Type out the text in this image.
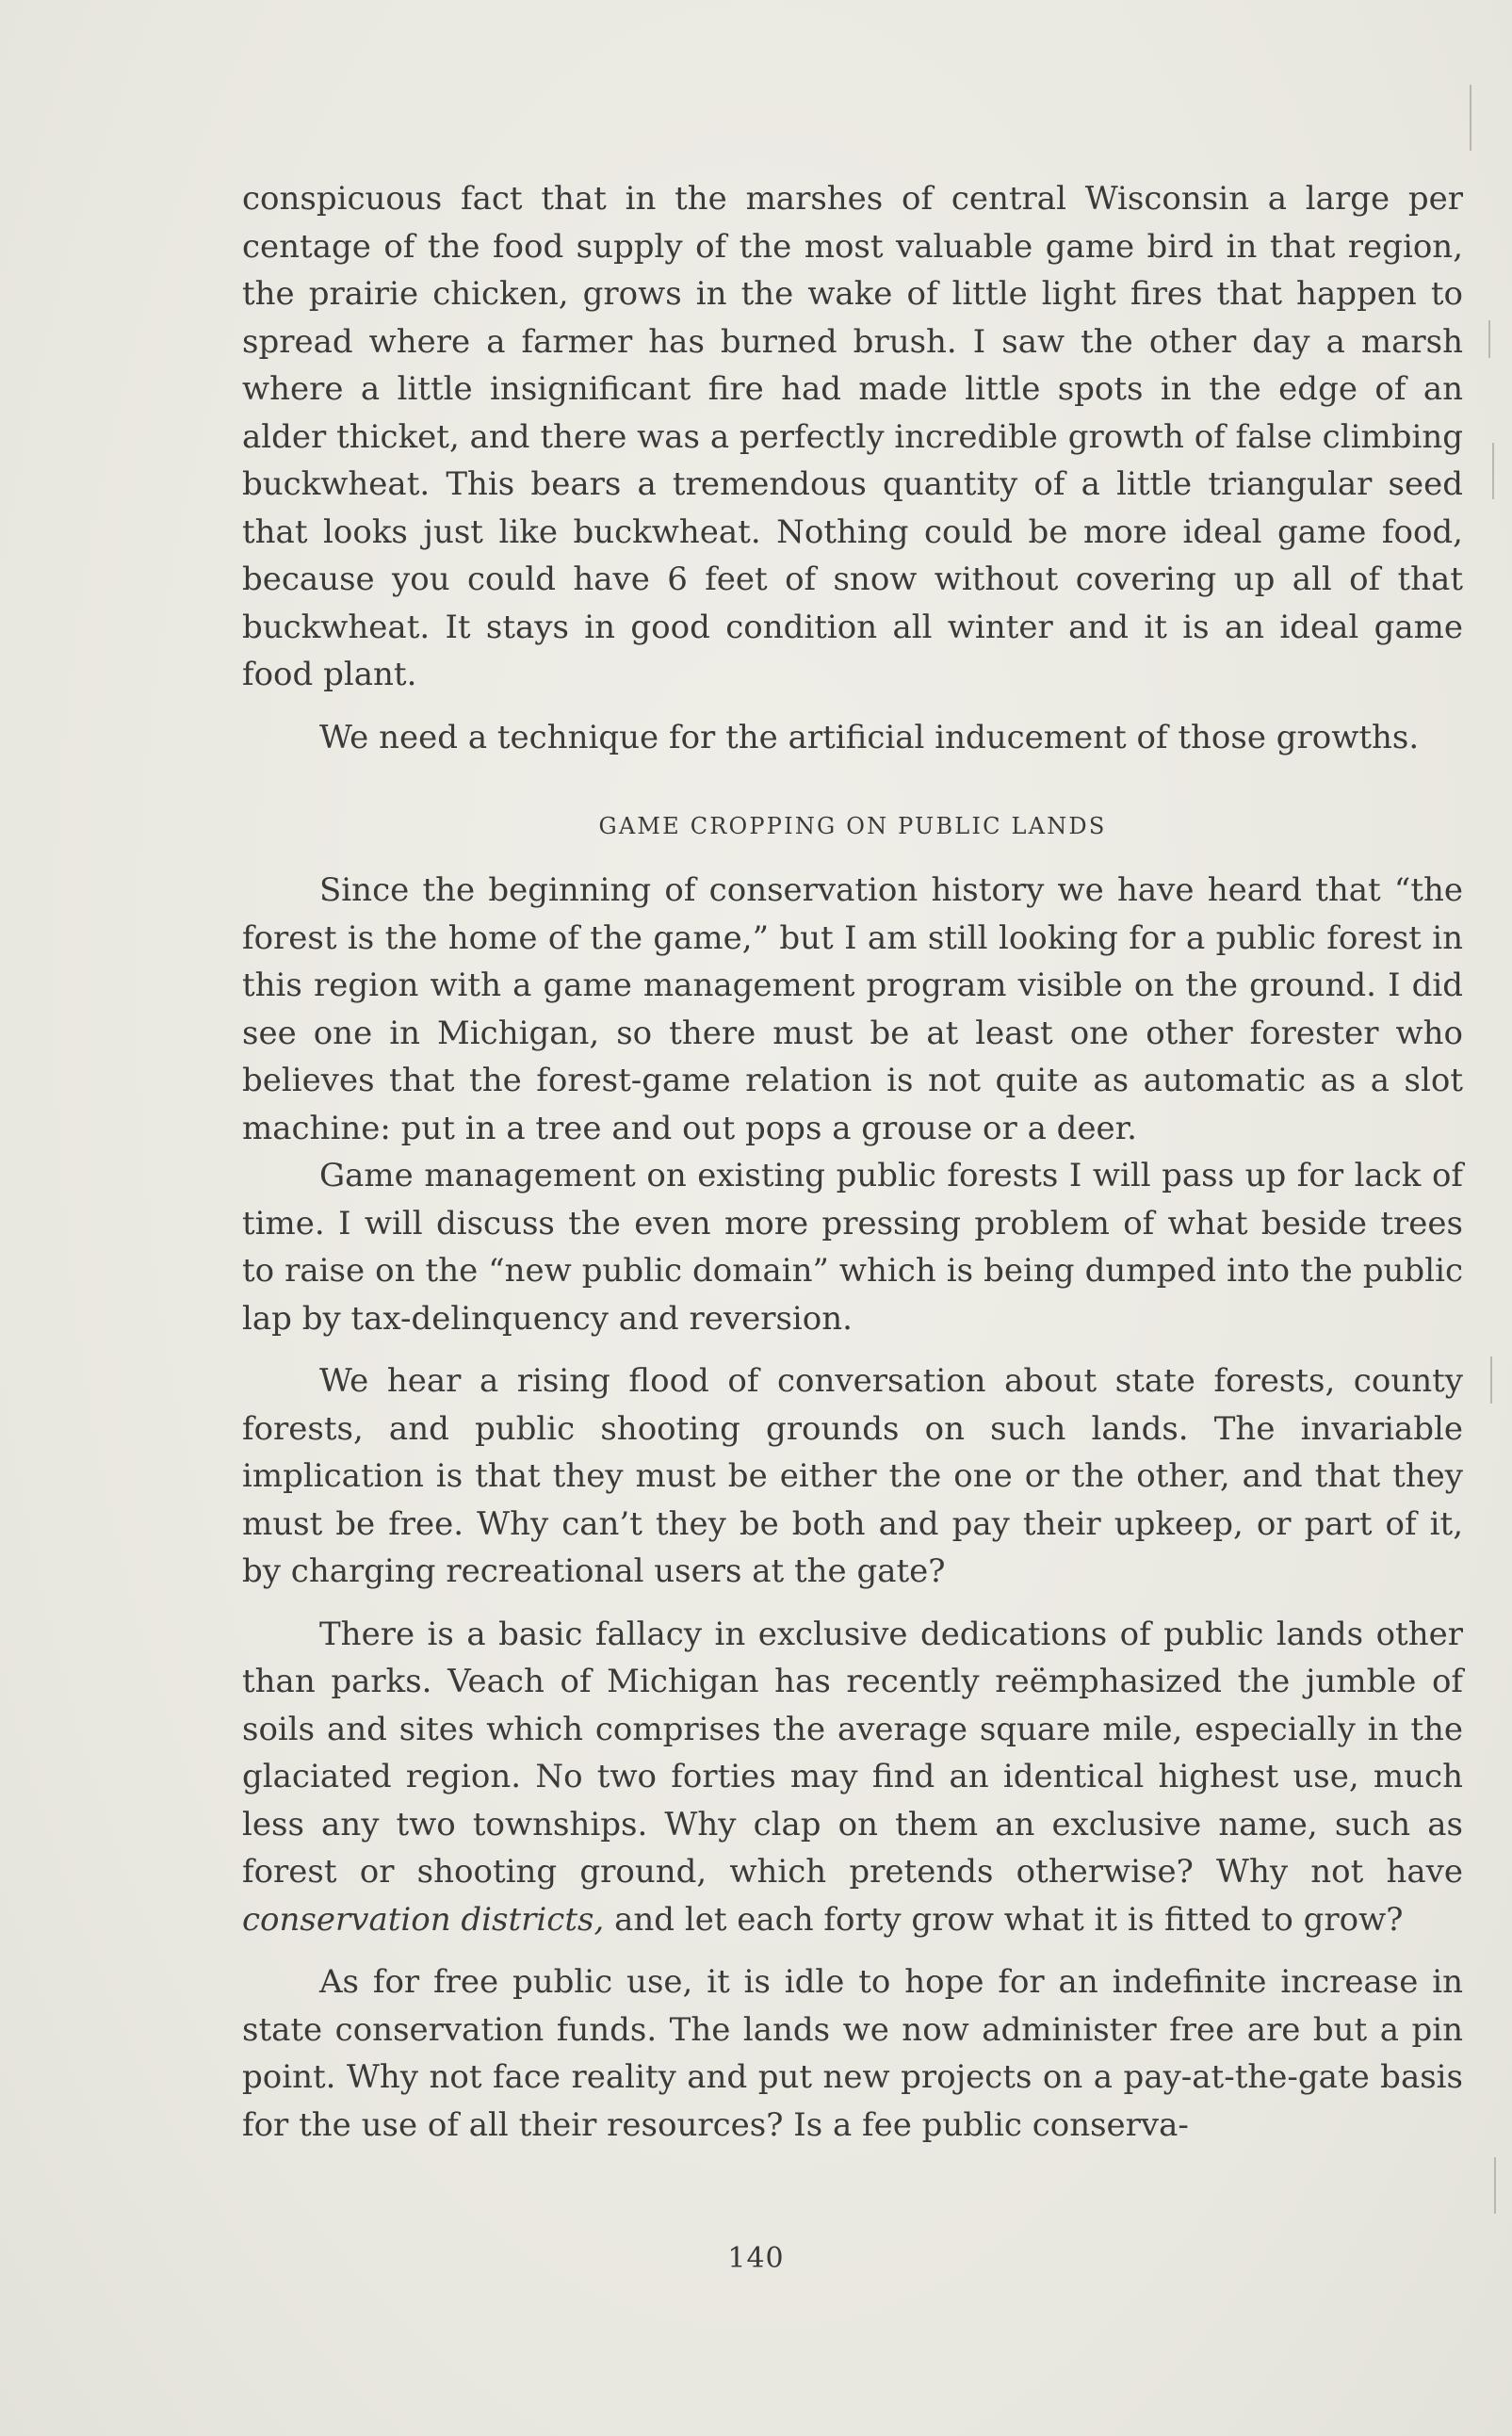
conspicuous fact that in the marshes of central Wisconsin a large per centage of the food supply of the most valuable game bird in that region, the prairie chicken, grows in the wake of little light fires that happen to spread where a farmer has burned brush. I saw the other day a marsh where a little insignificant fire had made little spots in the edge of an alder thicket, and there was a perfectly incredible growth of false climbing buckwheat. This bears a tremendous quantity of a little triangular seed that looks just like buckwheat. Nothing could be more ideal game food, because you could have 6 feet of snow without covering up all of that buckwheat. It stays in good condition all winter and it is an ideal game food plant.

We need a technique for the artificial inducement of those growths.

GAME CROPPING ON PUBLIC LANDS

Since the beginning of conservation history we have heard that “the forest is the home of the game,” but I am still looking for a public forest in this region with a game management program visible on the ground. I did see one in Michigan, so there must be at least one other forester who believes that the forest-game relation is not quite as automatic as a slot machine: put in a tree and out pops a grouse or a deer.

Game management on existing public forests I will pass up for lack of time. I will discuss the even more pressing problem of what beside trees to raise on the “new public domain” which is being dumped into the public lap by tax-delinquency and reversion.

We hear a rising flood of conversation about state forests, county forests, and public shooting grounds on such lands. The invariable implication is that they must be either the one or the other, and that they must be free. Why can’t they be both and pay their upkeep, or part of it, by charging recreational users at the gate?

There is a basic fallacy in exclusive dedications of public lands other than parks. Veach of Michigan has recently reëmphasized the jumble of soils and sites which comprises the average square mile, especially in the glaciated region. No two forties may find an identical highest use, much less any two townships. Why clap on them an exclusive name, such as forest or shooting ground, which pretends otherwise? Why not have conservation districts, and let each forty grow what it is fitted to grow?

As for free public use, it is idle to hope for an indefinite increase in state conservation funds. The lands we now administer free are but a pin point. Why not face reality and put new projects on a pay-at-the-gate basis for the use of all their resources? Is a fee public conserva-

140
